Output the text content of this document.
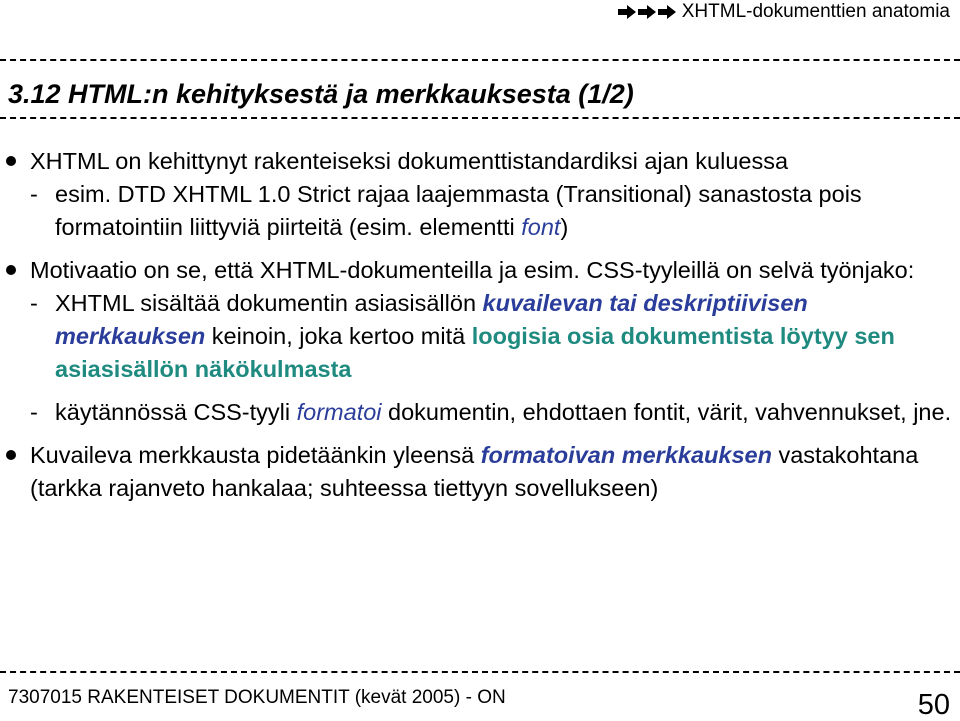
XHTML-dokumenttien anatomia
3.12 HTML:n kehityksestä ja merkkauksesta (1/2)
XHTML on kehittynyt rakenteiseksi dokumenttistandardiksi ajan kuluessa
- esim. DTD XHTML 1.0 Strict rajaa laajemmasta (Transitional) sanastosta pois formatointiin liittyviä piirteitä (esim. elementti font)
Motivaatio on se, että XHTML-dokumenteilla ja esim. CSS-tyyleillä on selvä työnjako:
- XHTML sisältää dokumentin asiasisällön kuvailevan tai deskriptiivisen merkkauksen keinoin, joka kertoo mitä loogisia osia dokumentista löytyy sen asiasisällön näkökulmasta
- käytännössä CSS-tyyli formatoi dokumentin, ehdottaen fontit, värit, vahvennukset, jne.
Kuvaileva merkkausta pidetäänkin yleensä formatoivan merkkauksen vastakohtana (tarkka rajanveto hankalaa; suhteessa tiettyyn sovellukseen)
7307015 RAKENTEISET DOKUMENTIT (kevät 2005) - ON	50
